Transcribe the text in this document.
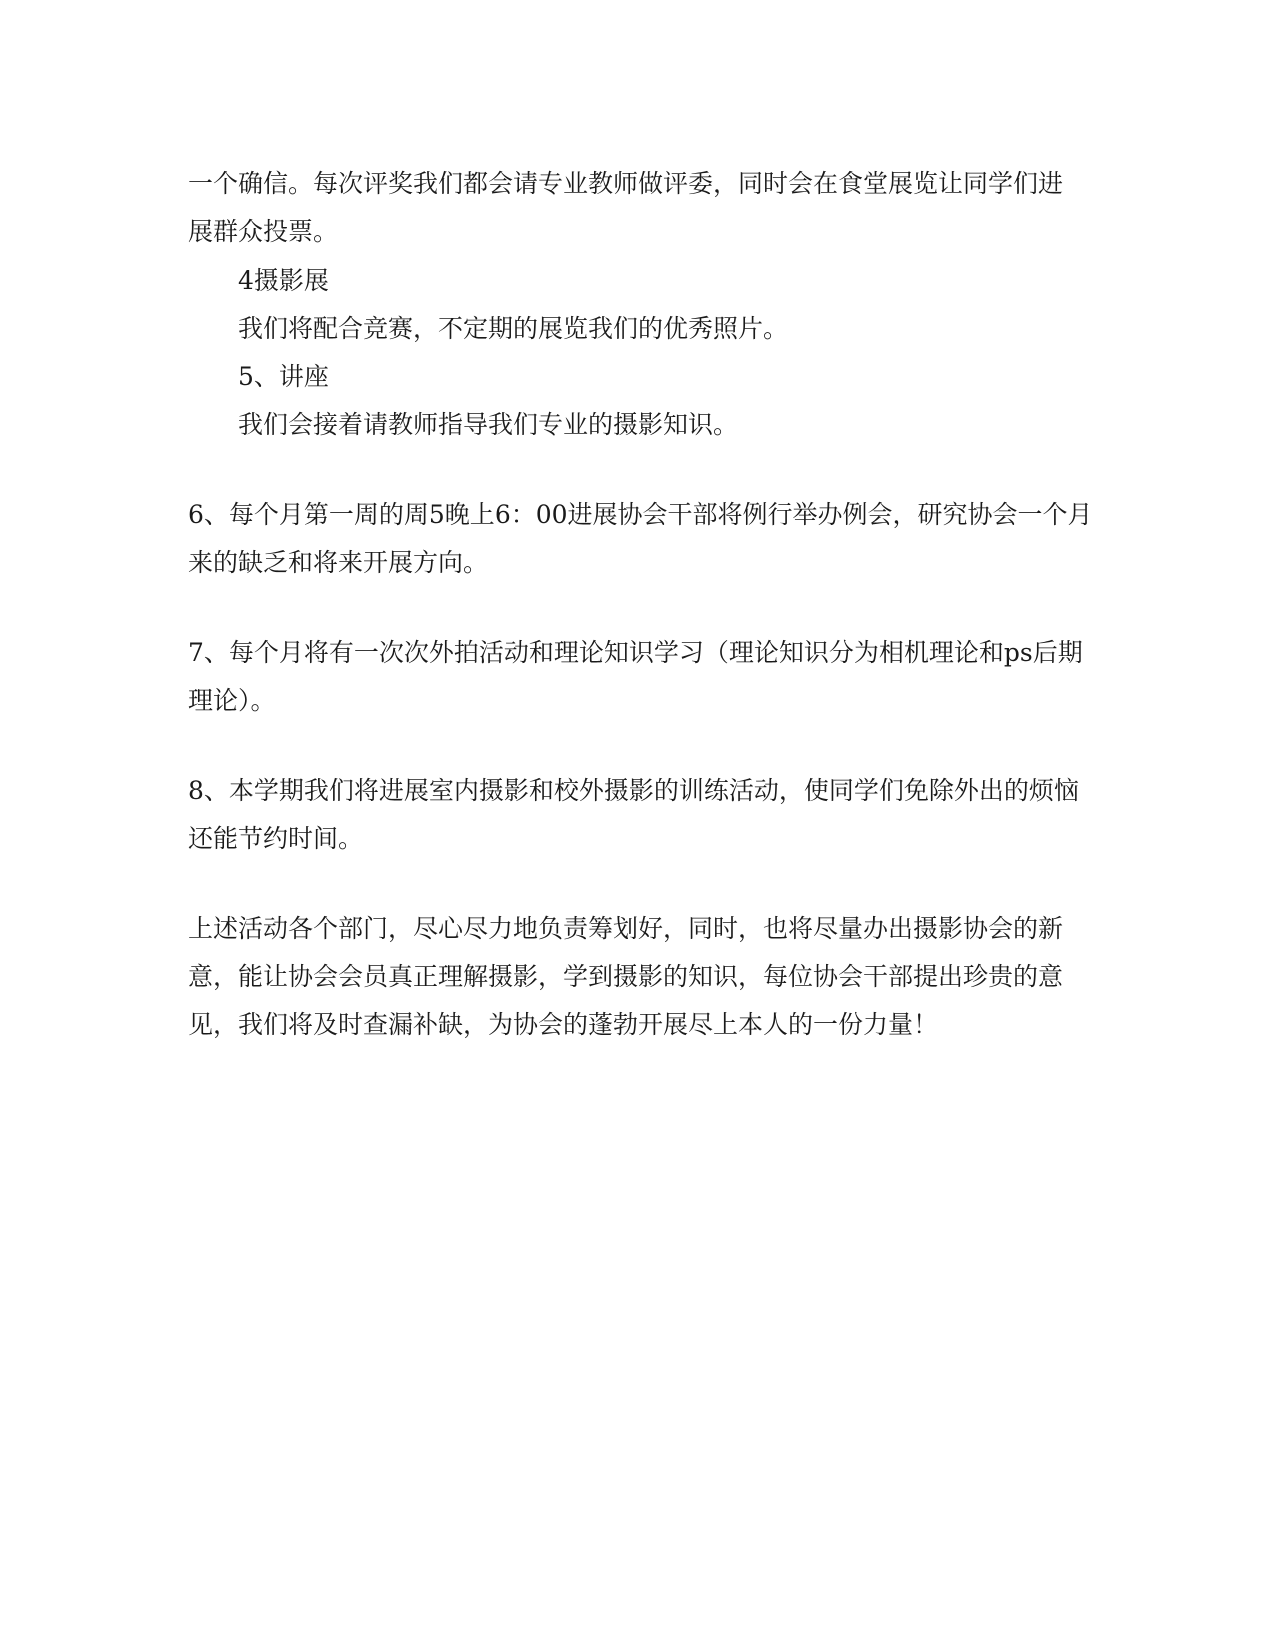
一个确信。每次评奖我们都会请专业教师做评委，同时会在食堂展览让同学们进

展群众投票。

4摄影展

我们将配合竞赛，不定期的展览我们的优秀照片。

5、讲座

我们会接着请教师指导我们专业的摄影知识。

6、每个月第一周的周5晚上6：00进展协会干部将例行举办例会，研究协会一个月

来的缺乏和将来开展方向。

7、每个月将有一次次外拍活动和理论知识学习（理论知识分为相机理论和ps后期

理论）。

8、本学期我们将进展室内摄影和校外摄影的训练活动，使同学们免除外出的烦恼

还能节约时间。

上述活动各个部门，尽心尽力地负责筹划好，同时，也将尽量办出摄影协会的新

意，能让协会会员真正理解摄影，学到摄影的知识，每位协会干部提出珍贵的意

见，我们将及时查漏补缺，为协会的蓬勃开展尽上本人的一份力量！
